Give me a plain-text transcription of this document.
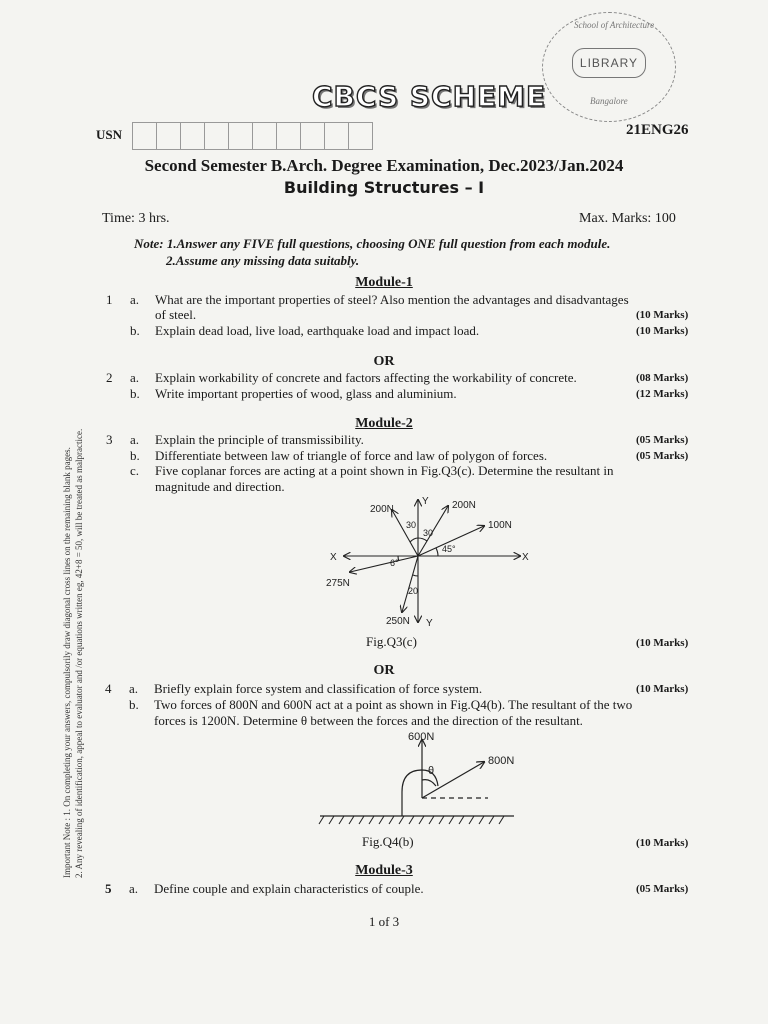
School of Architecture
LIBRARY
Bangalore
CBCS SCHEME
USN	21ENG26
Second Semester B.Arch. Degree Examination, Dec.2023/Jan.2024
Building Structures – I
Time: 3 hrs.	Max. Marks: 100
Note: 1.Answer any FIVE full questions, choosing ONE full question from each module.
2.Assume any missing data suitably.
Important Note : 1. On completing your answers, compulsorily draw diagonal cross lines on the remaining blank pages. 2. Any revealing of identification, appeal to evaluator and /or equations written eg, 42+8 = 50, will be treated as malpractice.
Module-1
1 a. What are the important properties of steel? Also mention the advantages and disadvantages
of steel.	(10 Marks)
b. Explain dead load, live load, earthquake load and impact load.	(10 Marks)
OR
2 a. Explain workability of concrete and factors affecting the workability of concrete.	(08 Marks)
b. Write important properties of wood, glass and aluminium.	(12 Marks)
Module-2
3 a. Explain the principle of transmissibility.	(05 Marks)
b. Differentiate between law of triangle of force and law of polygon of forces.	(05 Marks)
c. Five coplanar forces are acting at a point shown in Fig.Q3(c). Determine the resultant in
magnitude and direction.
200N	200N
100N
275N
250N
X	X
Y
Y
30
30
45°
6°
20
Fig.Q3(c)	(10 Marks)
OR
4 a. Briefly explain force system and classification of force system.	(10 Marks)
b. Two forces of 800N and 600N act at a point as shown in Fig.Q4(b). The resultant of the two
forces is 1200N. Determine θ between the forces and the direction of the resultant.
600N
800N
θ
Fig.Q4(b)	(10 Marks)
Module-3
5 a. Define couple and explain characteristics of couple.	(05 Marks)
1 of 3
